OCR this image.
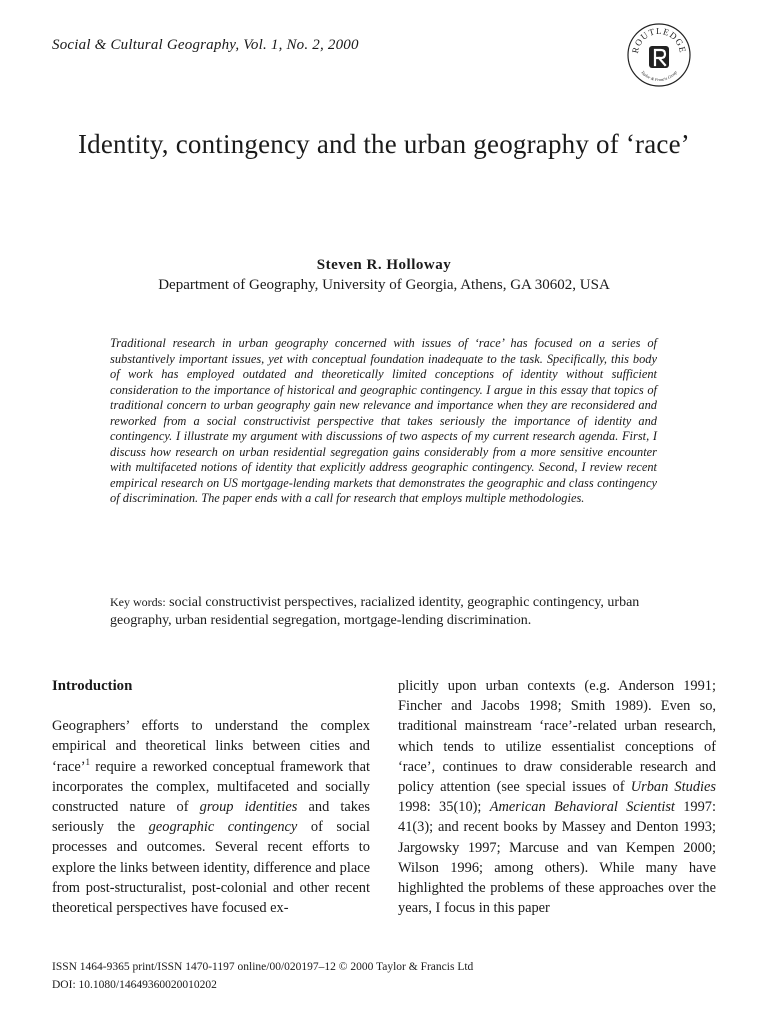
Social & Cultural Geography, Vol. 1, No. 2, 2000	ROUTLEDGE
Taylor & Francis Group
Identity, contingency and the urban geography of ‘race’
Steven R. Holloway
Department of Geography, University of Georgia, Athens, GA 30602, USA

Traditional research in urban geography concerned with issues of ‘race’ has focused on a series of substantively important issues, yet with conceptual foundation inadequate to the task. Specifically, this body of work has employed outdated and theoretically limited conceptions of identity without sufficient consideration to the importance of historical and geographic contingency. I argue in this essay that topics of traditional concern to urban geography gain new relevance and importance when they are reconsidered and reworked from a social constructivist perspective that takes seriously the importance of identity and contingency. I illustrate my argument with discussions of two aspects of my current research agenda. First, I discuss how research on urban residential segregation gains considerably from a more sensitive encounter with multifaceted notions of identity that explicitly address geographic contingency. Second, I review recent empirical research on US mortgage-lending markets that demonstrates the geographic and class contingency of discrimination. The paper ends with a call for research that employs multiple methodologies.

Key words: social constructivist perspectives, racialized identity, geographic contingency, urban geography, urban residential segregation, mortgage-lending discrimination.

Introduction

Geographers’ efforts to understand the complex empirical and theoretical links between cities and ‘race’$^1$ require a reworked conceptual framework that incorporates the complex, multifaceted and socially constructed nature of group identities and takes seriously the geographic contingency of social processes and outcomes. Several recent efforts to explore the links between identity, difference and place from post-structuralist, post-colonial and other recent theoretical perspectives have focused ex-

plicitly upon urban contexts (e.g. Anderson 1991; Fincher and Jacobs 1998; Smith 1989). Even so, traditional mainstream ‘race’-related urban research, which tends to utilize essentialist conceptions of ‘race’, continues to draw considerable research and policy attention (see special issues of Urban Studies 1998: 35(10); American Behavioral Scientist 1997: 41(3); and recent books by Massey and Denton 1993; Jargowsky 1997; Marcuse and van Kempen 2000; Wilson 1996; among others). While many have highlighted the problems of these approaches over the years, I focus in this paper

ISSN 1464-9365 print/ISSN 1470-1197 online/00/020197–12 © 2000 Taylor & Francis Ltd
DOI: 10.1080/14649360020010202
